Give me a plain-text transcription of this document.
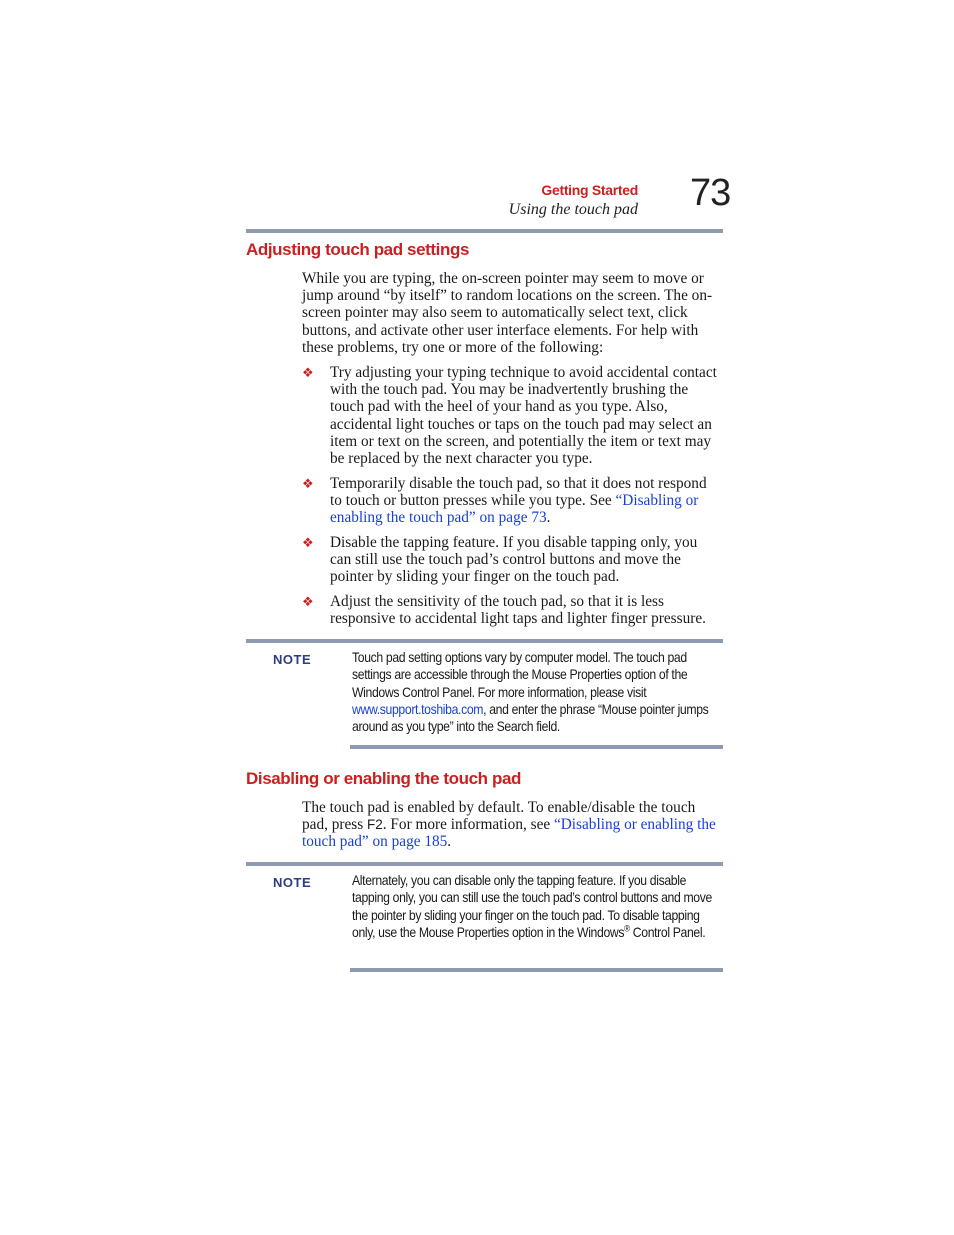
Getting Started
Using the touch pad 73
Adjusting touch pad settings
While you are typing, the on-screen pointer may seem to move or jump around “by itself” to random locations on the screen. The on-screen pointer may also seem to automatically select text, click buttons, and activate other user interface elements. For help with these problems, try one or more of the following:
❖ Try adjusting your typing technique to avoid accidental contact with the touch pad. You may be inadvertently brushing the touch pad with the heel of your hand as you type. Also, accidental light touches or taps on the touch pad may select an item or text on the screen, and potentially the item or text may be replaced by the next character you type.
❖ Temporarily disable the touch pad, so that it does not respond to touch or button presses while you type. See “Disabling or enabling the touch pad” on page 73.
❖ Disable the tapping feature. If you disable tapping only, you can still use the touch pad’s control buttons and move the pointer by sliding your finger on the touch pad.
❖ Adjust the sensitivity of the touch pad, so that it is less responsive to accidental light taps and lighter finger pressure.
NOTE	Touch pad setting options vary by computer model. The touch pad settings are accessible through the Mouse Properties option of the Windows Control Panel. For more information, please visit www.support.toshiba.com, and enter the phrase “Mouse pointer jumps around as you type” into the Search field.
Disabling or enabling the touch pad
The touch pad is enabled by default. To enable/disable the touch pad, press F2. For more information, see “Disabling or enabling the touch pad” on page 185.
NOTE	Alternately, you can disable only the tapping feature. If you disable tapping only, you can still use the touch pad’s control buttons and move the pointer by sliding your finger on the touch pad. To disable tapping only, use the Mouse Properties option in the Windows® Control Panel.
